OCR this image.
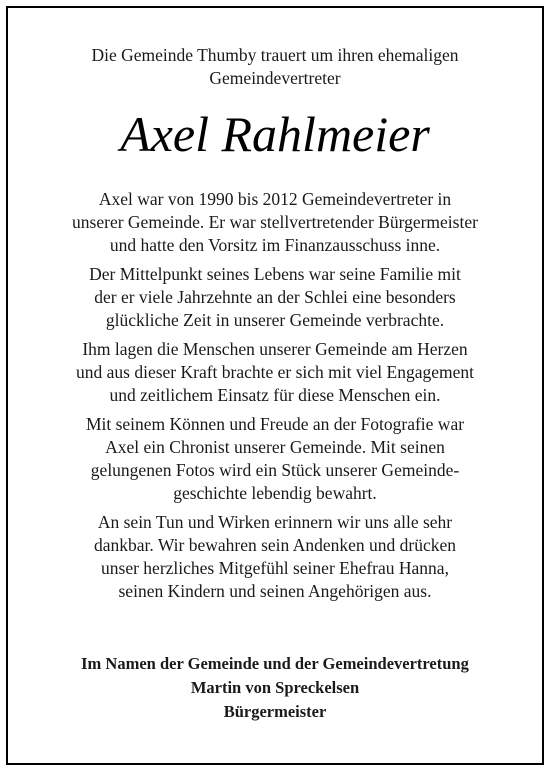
Die Gemeinde Thumby trauert um ihren ehemaligen
Gemeindevertreter
Axel Rahlmeier

Axel war von 1990 bis 2012 Gemeindevertreter in
unserer Gemeinde. Er war stellvertretender Bürgermeister
und hatte den Vorsitz im Finanzausschuss inne.

Der Mittelpunkt seines Lebens war seine Familie mit
der er viele Jahrzehnte an der Schlei eine besonders
glückliche Zeit in unserer Gemeinde verbrachte.

Ihm lagen die Menschen unserer Gemeinde am Herzen
und aus dieser Kraft brachte er sich mit viel Engagement
und zeitlichem Einsatz für diese Menschen ein.

Mit seinem Können und Freude an der Fotografie war
Axel ein Chronist unserer Gemeinde. Mit seinen
gelungenen Fotos wird ein Stück unserer Gemeinde-
geschichte lebendig bewahrt.

An sein Tun und Wirken erinnern wir uns alle sehr
dankbar. Wir bewahren sein Andenken und drücken
unser herzliches Mitgefühl seiner Ehefrau Hanna,
seinen Kindern und seinen Angehörigen aus.

Im Namen der Gemeinde und der Gemeindevertretung
Martin von Spreckelsen
Bürgermeister
